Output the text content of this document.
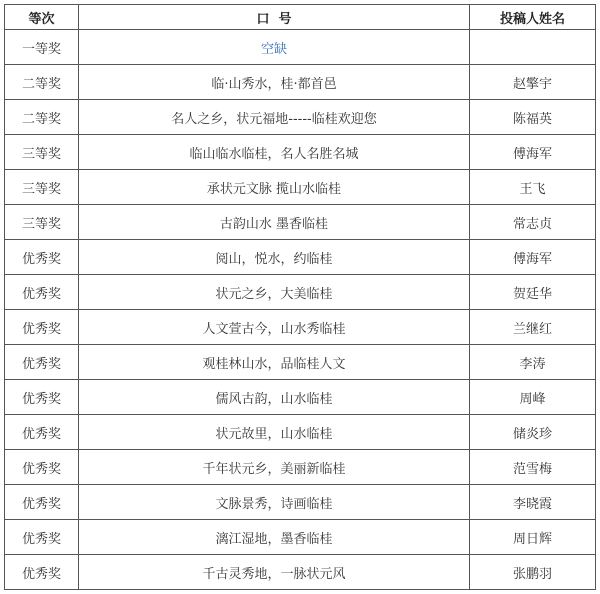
等次	口  号	投稿人姓名
一等奖	空缺	
二等奖	临·山秀水，桂·都首邑	赵擎宇
二等奖	名人之乡，状元福地-----临桂欢迎您	陈福英
三等奖	临山临水临桂，名人名胜名城	傅海军
三等奖	承状元文脉 揽山水临桂	王飞
三等奖	古韵山水 墨香临桂	常志贞
优秀奖	阅山，悦水，约临桂	傅海军
优秀奖	状元之乡，大美临桂	贺廷华
优秀奖	人文萱古今，山水秀临桂	兰继红
优秀奖	观桂林山水，品临桂人文	李涛
优秀奖	儒风古韵，山水临桂	周峰
优秀奖	状元故里，山水临桂	储炎珍
优秀奖	千年状元乡，美丽新临桂	范雪梅
优秀奖	文脉景秀，诗画临桂	李晓霞
优秀奖	漓江湿地，墨香临桂	周日辉
优秀奖	千古灵秀地，一脉状元风	张鹏羽
